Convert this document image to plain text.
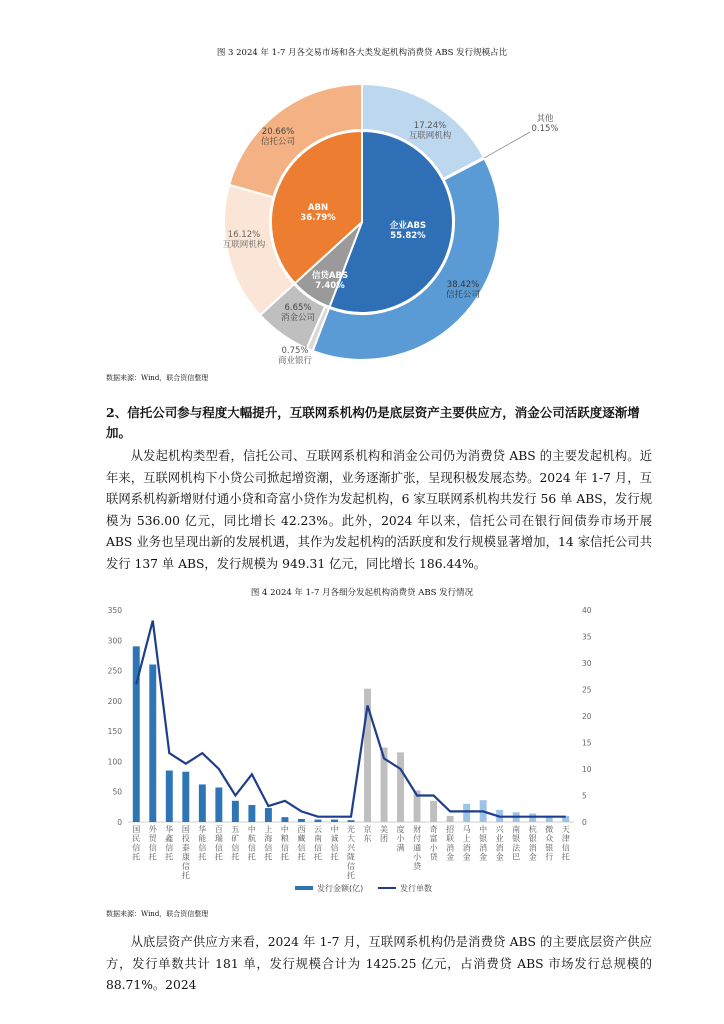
图 3 2024 年 1-7 月各交易市场和各大类发起机构消费贷 ABS 发行规模占比
企业ABS 55.82%
信贷ABS 7.40%
ABN 36.79%
17.24%互联网机构
其他 0.15%
38.42%信托公司
0.75%商业银行
6.65%消金公司
16.12%互联网机构
20.66%信托公司
数据来源：Wind，联合资信整理
2、信托公司参与程度大幅提升，互联网系机构仍是底层资产主要供应方，消金公司活跃度逐渐增加。

从发起机构类型看，信托公司、互联网系机构和消金公司仍为消费贷 ABS 的主要发起机构。近年来，互联网机构下小贷公司掀起增资潮，业务逐渐扩张，呈现积极发展态势。2024 年 1-7 月，互联网系机构新增财付通小贷和奇富小贷作为发起机构，6 家互联网系机构共发行 56 单 ABS，发行规模为 536.00 亿元，同比增长 42.23%。此外，2024 年以来，信托公司在银行间债券市场开展 ABS 业务也呈现出新的发展机遇，其作为发起机构的活跃度和发行规模显著增加，14 家信托公司共发行 137 单 ABS，发行规模为 949.31 亿元，同比增长 186.44%。

图 4 2024 年 1-7 月各细分发起机构消费贷 ABS 发行情况
0
50
100
150
200
250
300
350
0
5
10
15
20
25
30
35
40
国民信托
外贸信托
华鑫信托
国投泰康信托
华能信托
百瑞信托
五矿信托
中航信托
上海信托
中粮信托
西藏信托
云南信托
中诚信托
光大兴陇信托
京东
美团
度小满
财付通小贷
奇富小贷
招联消金
马上消金
中银消金
兴业消金
南银法巴
杭银消金
微众银行
天津信托
发行金额(亿)	发行单数
数据来源：Wind，联合资信整理

从底层资产供应方来看，2024 年 1-7 月，互联网系机构仍是消费贷 ABS 的主要底层资产供应方，发行单数共计 181 单，发行规模合计为 1425.25 亿元，占消费贷 ABS 市场发行总规模的 88.71%。2024
